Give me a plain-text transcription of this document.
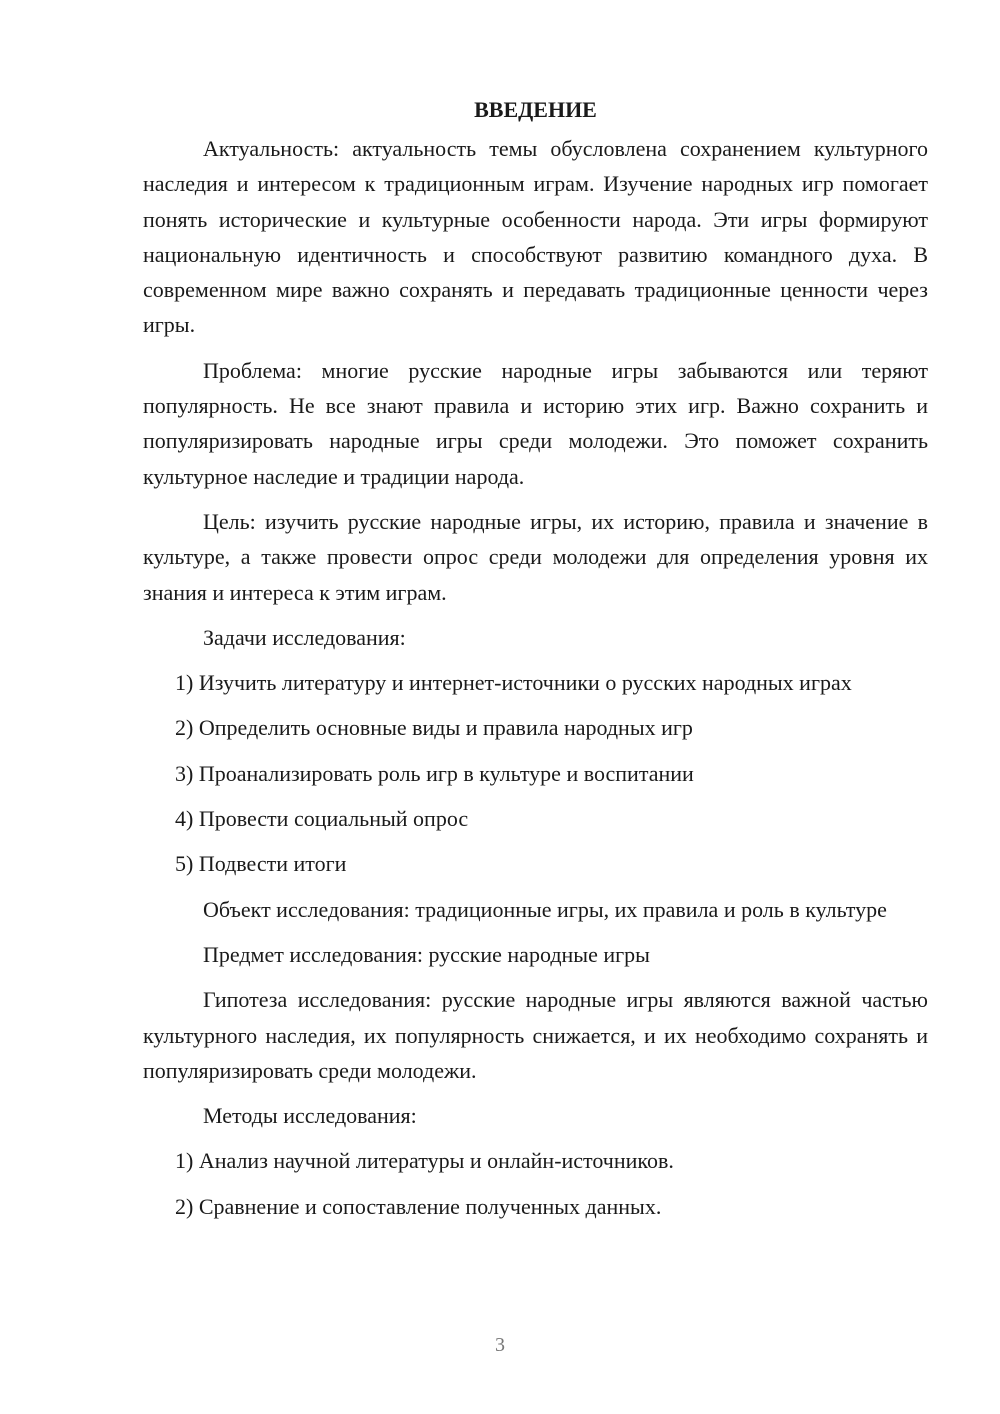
ВВЕДЕНИЕ

Актуальность: актуальность темы обусловлена сохранением культурного наследия и интересом к традиционным играм. Изучение народных игр помогает понять исторические и культурные особенности народа. Эти игры формируют национальную идентичность и способствуют развитию командного духа. В современном мире важно сохранять и передавать традиционные ценности через игры.

Проблема: многие русские народные игры забываются или теряют популярность. Не все знают правила и историю этих игр. Важно сохранить и популяризировать народные игры среди молодежи. Это поможет сохранить культурное наследие и традиции народа.

Цель: изучить русские народные игры, их историю, правила и значение в культуре, а также провести опрос среди молодежи для определения уровня их знания и интереса к этим играм.

Задачи исследования:

1) Изучить литературу и интернет-источники о русских народных играх

2) Определить основные виды и правила народных игр

3) Проанализировать роль игр в культуре и воспитании

4) Провести социальный опрос

5) Подвести итоги

Объект исследования: традиционные игры, их правила и роль в культуре

Предмет исследования: русские народные игры

Гипотеза исследования: русские народные игры являются важной частью культурного наследия, их популярность снижается, и их необходимо сохранять и популяризировать среди молодежи.

Методы исследования:

1) Анализ научной литературы и онлайн-источников.

2) Сравнение и сопоставление полученных данных.

3
